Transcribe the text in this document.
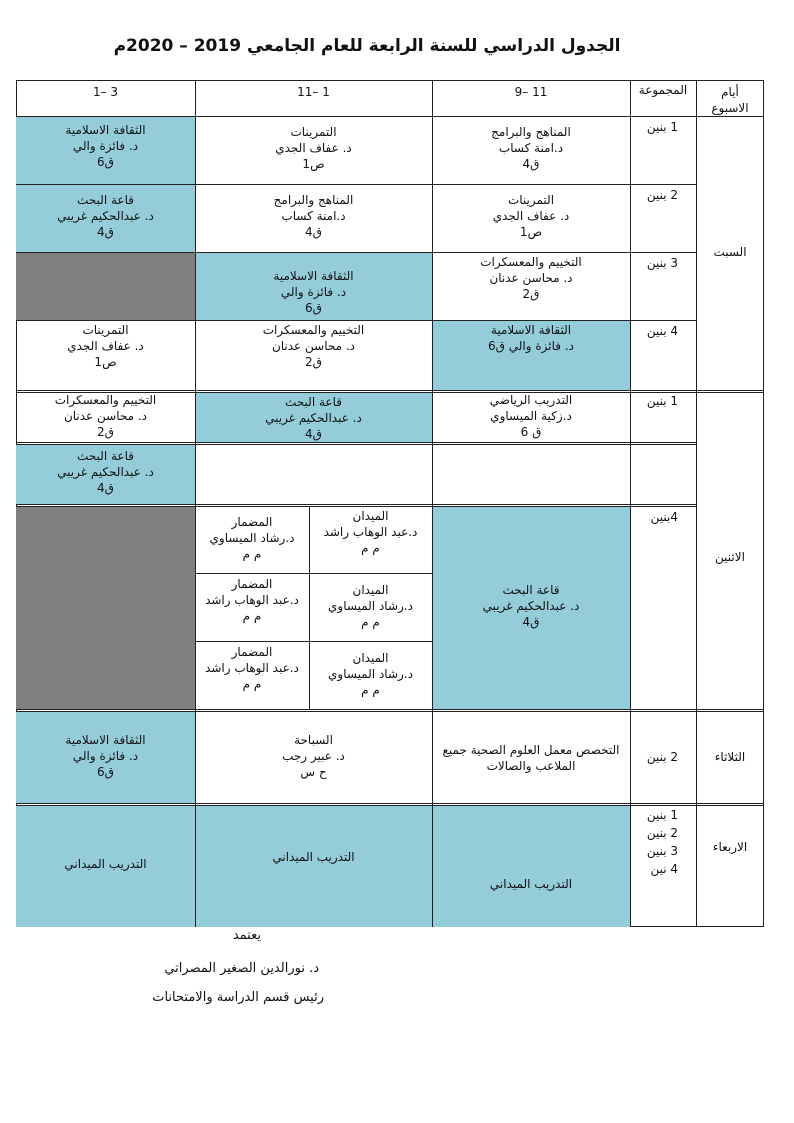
الجدول الدراسي للسنة الرابعة للعام الجامعي 2019 – 2020م
أيام الاسبوع
المجموعة
9– 11
11– 1
1– 3
السبت
الاثنين
الثلاثاء
الاربعاء
1 بنين
2 بنين
3 بنين
4 بنين
1 بنين
4بنين
2 بنين
1 بنين
2 بنين
3 بنين
4 نين
المناهج والبرامج
د.امنة كساب
ق4
التمرينات
د. عفاف الجدي
ص1
الثقافة الاسلامية
د. فائزة والي
ق6
التمرينات
د. عفاف الجدي
ص1
المناهج والبرامج
د.امنة كساب
ق4
قاعة البحث
د. عبدالحكيم غريبي
ق4
التخييم والمعسكرات
د. محاسن عدنان
ق2
الثقافة الاسلامية
د. فائزة والي
ق6
الثقافة الاسلامية
د. فائزة والي ق6
التخييم والمعسكرات
د. محاسن عدنان
ق2
التمرينات
د. عفاف الجدي
ص1
التدريب الرياضي
د.زكية الميساوي
ق 6
قاعة البحث
د. عبدالحكيم غريبي
ق4
التخييم والمعسكرات
د. محاسن عدنان
ق2
قاعة البحث
د. عبدالحكيم غريبي
ق4
قاعة البحث
د. عبدالحكيم غريبي
ق4
الميدان
د.عبد الوهاب راشد
م م
المضمار
د.رشاد الميساوي
م م
الميدان
د.رشاد الميساوي
م م
المضمار
د.عبد الوهاب راشد
م م
الميدان
د.رشاد الميساوي
م م
المضمار
د.عبد الوهاب راشد
م م
التخصص معمل العلوم الصحية جميع
الملاعب والصالات
السباحة
د. عبير رجب
ح س
الثقافة الاسلامية
د. فائزة والي
ق6
التدريب الميداني
التدريب الميداني
التدريب الميداني
يعتمد
د. نورالدين الصغير المصراتي
رئيس قسم الدراسة والامتحانات
